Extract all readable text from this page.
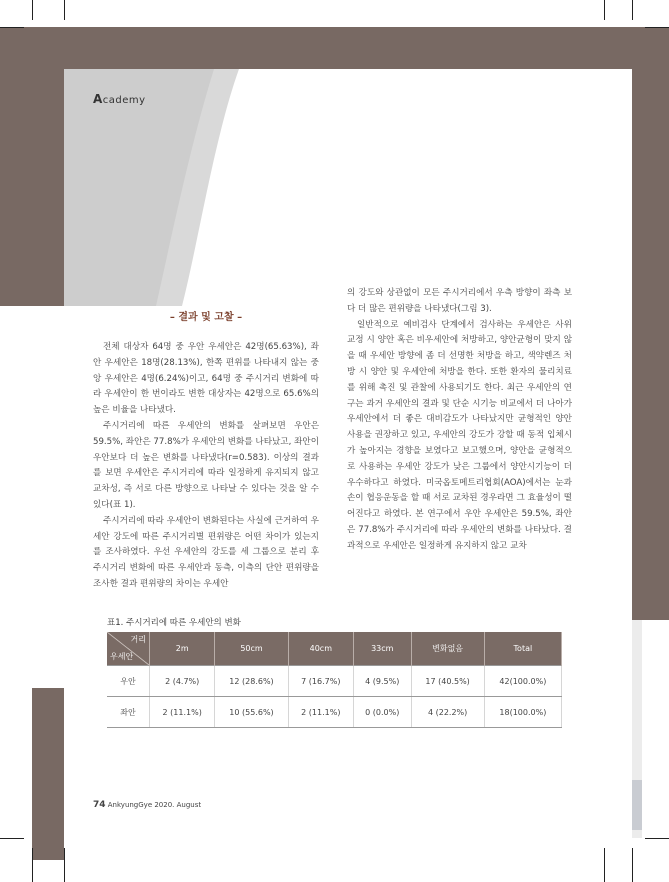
Academy

– 결과 및 고찰 –

전체 대상자 64명 중 우안 우세안은 42명(65.63%), 좌안 우세안은 18명(28.13%), 한쪽 편위를 나타내지 않는 중앙 우세안은 4명(6.24%)이고, 64명 중 주시거리 변화에 따라 우세안이 한 번이라도 변한 대상자는 42명으로 65.6%의 높은 비율을 나타냈다.

주시거리에 따른 우세안의 변화를 살펴보면 우안은 59.5%, 좌안은 77.8%가 우세안의 변화를 나타났고, 좌안이 우안보다 더 높은 변화를 나타냈다(r=0.583). 이상의 결과를 보면 우세안은 주시거리에 따라 일정하게 유지되지 않고 교차성, 즉 서로 다른 방향으로 나타날 수 있다는 것을 알 수 있다(표 1).

주시거리에 따라 우세안이 변화된다는 사실에 근거하여 우세안 강도에 따른 주시거리별 편위량은 어떤 차이가 있는지를 조사하였다. 우선 우세안의 강도를 세 그룹으로 분리 후 주시거리 변화에 따른 우세안과 동측, 이측의 단안 편위량을 조사한 결과 편위량의 차이는 우세안

의 강도와 상관없이 모든 주시거리에서 우측 방향이 좌측 보다 더 많은 편위량을 나타냈다(그림 3).

일반적으로 예비검사 단계에서 검사하는 우세안은 사위 교정 시 양안 혹은 비우세안에 처방하고, 양안균형이 맞지 않을 때 우세안 방향에 좀 더 선명한 처방을 하고, 색약렌즈 처방 시 양안 및 우세안에 처방을 한다. 또한 환자의 물리치료를 위해 촉진 및 관찰에 사용되기도 한다. 최근 우세안의 연구는 과거 우세안의 결과 및 단순 시기능 비교에서 더 나아가 우세안에서 더 좋은 대비감도가 나타났지만 균형적인 양안 사용을 권장하고 있고, 우세안의 강도가 강할 때 동적 입체시가 높아지는 경향을 보였다고 보고했으며, 양안을 균형적으로 사용하는 우세안 강도가 낮은 그룹에서 양안시기능이 더 우수하다고 하였다. 미국옵토메트리협회(AOA)에서는 눈과 손이 협응운동을 할 때 서로 교차된 경우라면 그 효율성이 떨어진다고 하였다. 본 연구에서 우안 우세안은 59.5%, 좌안은 77.8%가 주시거리에 따라 우세안의 변화를 나타났다. 결과적으로 우세안은 일정하게 유지하지 않고 교차

표1. 주시거리에 따른 우세안의 변화
거리
우세안	2m	50cm	40cm	33cm	변화없음	Total
우안	2 (4.7%)	12 (28.6%)	7 (16.7%)	4 (9.5%)	17 (40.5%)	42(100.0%)
좌안	2 (11.1%)	10 (55.6%)	2 (11.1%)	0 (0.0%)	4 (22.2%)	18(100.0%)
74 AnkyungGye 2020. August
